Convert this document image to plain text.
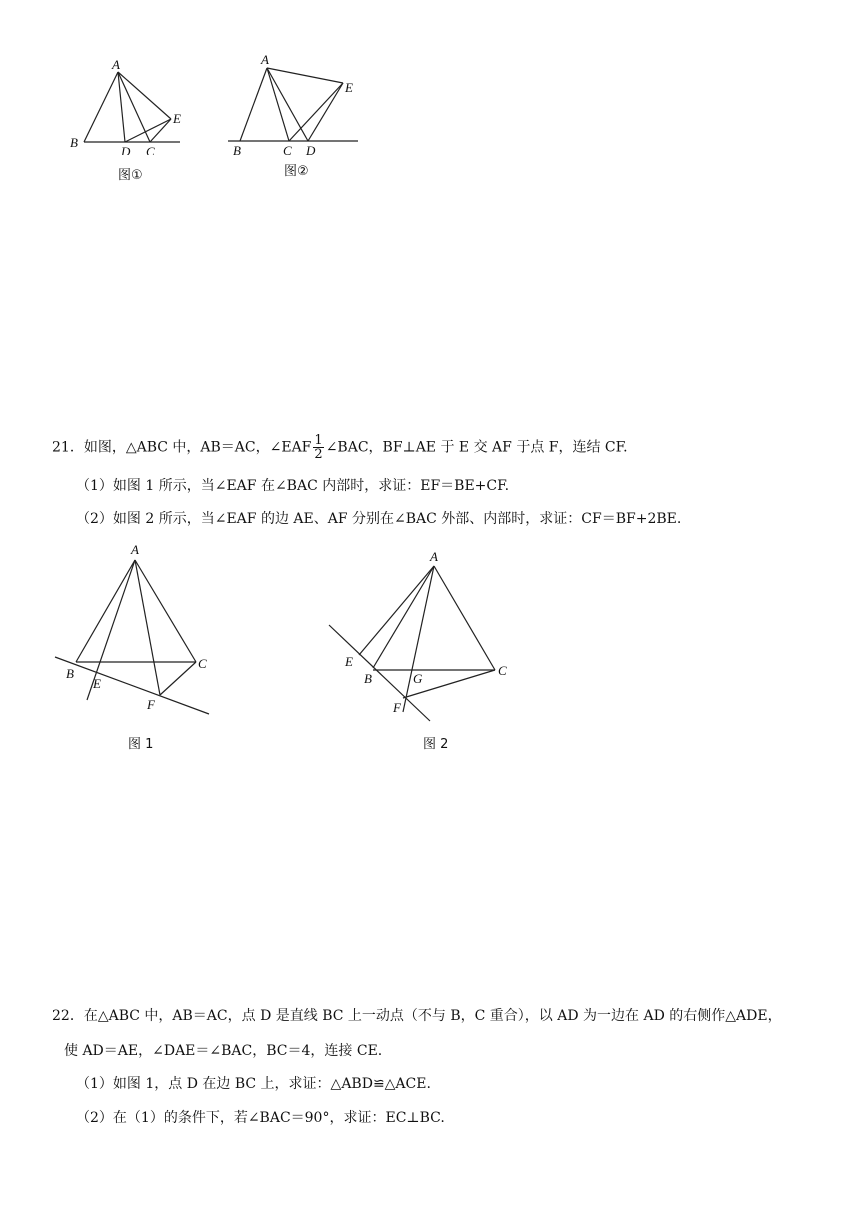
A
B
D C
E
图①
A
B	C D
E
图②
21．如图，△ABC 中，AB＝AC，∠EAF $\frac{1}{2}$ ∠BAC，BF⊥AE 于 E 交 AF 于点 F，连结 CF.
（1）如图 1 所示，当∠EAF 在∠BAC 内部时，求证：EF＝BE+CF.
（2）如图 2 所示，当∠EAF 的边 AE、AF 分别在∠BAC 外部、内部时，求证：CF＝BF+2BE.
A
B
C
E
F
图 1
A
E
B	G
C
F
图 2
22．在△ABC 中，AB＝AC，点 D 是直线 BC 上一动点（不与 B，C 重合），以 AD 为一边在 AD 的右侧作△ADE，
使 AD＝AE，∠DAE＝∠BAC，BC＝4，连接 CE.
（1）如图 1，点 D 在边 BC 上，求证：△ABD≌△ACE.
（2）在（1）的条件下，若∠BAC＝90°，求证：EC⊥BC.
